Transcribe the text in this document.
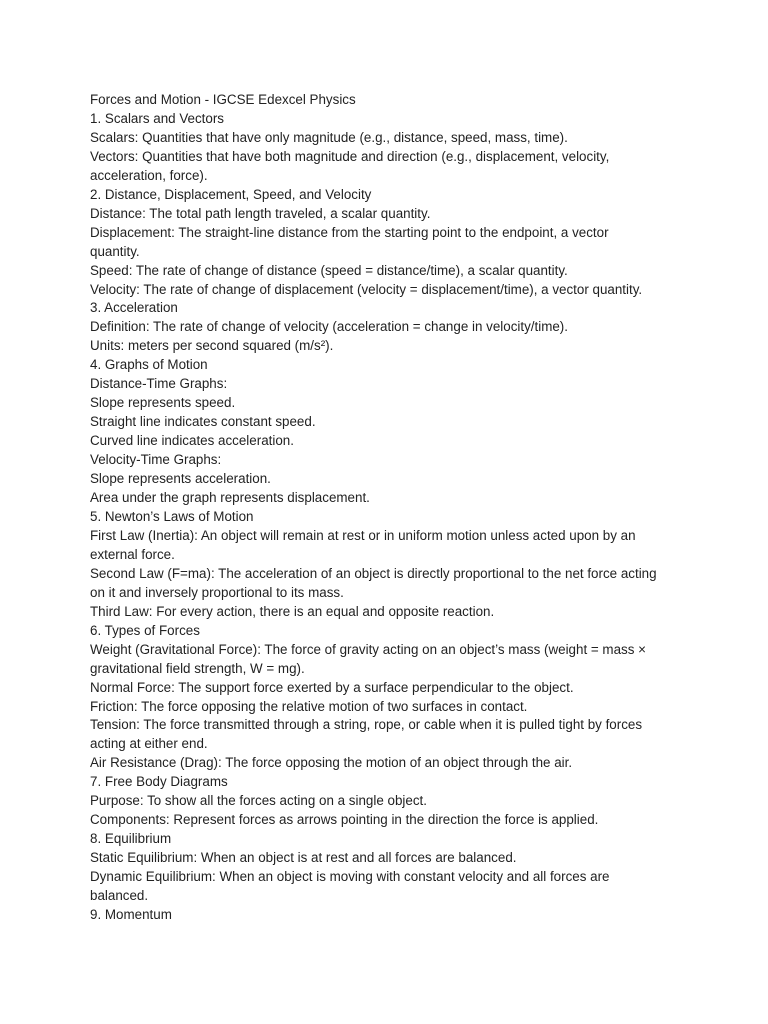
Forces and Motion - IGCSE Edexcel Physics
1. Scalars and Vectors
Scalars: Quantities that have only magnitude (e.g., distance, speed, mass, time).
Vectors: Quantities that have both magnitude and direction (e.g., displacement, velocity,
acceleration, force).
2. Distance, Displacement, Speed, and Velocity
Distance: The total path length traveled, a scalar quantity.
Displacement: The straight-line distance from the starting point to the endpoint, a vector
quantity.
Speed: The rate of change of distance (speed = distance/time), a scalar quantity.
Velocity: The rate of change of displacement (velocity = displacement/time), a vector quantity.
3. Acceleration
Definition: The rate of change of velocity (acceleration = change in velocity/time).
Units: meters per second squared (m/s²).
4. Graphs of Motion
Distance-Time Graphs:
Slope represents speed.
Straight line indicates constant speed.
Curved line indicates acceleration.
Velocity-Time Graphs:
Slope represents acceleration.
Area under the graph represents displacement.
5. Newton’s Laws of Motion
First Law (Inertia): An object will remain at rest or in uniform motion unless acted upon by an
external force.
Second Law (F=ma): The acceleration of an object is directly proportional to the net force acting
on it and inversely proportional to its mass.
Third Law: For every action, there is an equal and opposite reaction.
6. Types of Forces
Weight (Gravitational Force): The force of gravity acting on an object’s mass (weight = mass ×
gravitational field strength, W = mg).
Normal Force: The support force exerted by a surface perpendicular to the object.
Friction: The force opposing the relative motion of two surfaces in contact.
Tension: The force transmitted through a string, rope, or cable when it is pulled tight by forces
acting at either end.
Air Resistance (Drag): The force opposing the motion of an object through the air.
7. Free Body Diagrams
Purpose: To show all the forces acting on a single object.
Components: Represent forces as arrows pointing in the direction the force is applied.
8. Equilibrium
Static Equilibrium: When an object is at rest and all forces are balanced.
Dynamic Equilibrium: When an object is moving with constant velocity and all forces are
balanced.
9. Momentum
